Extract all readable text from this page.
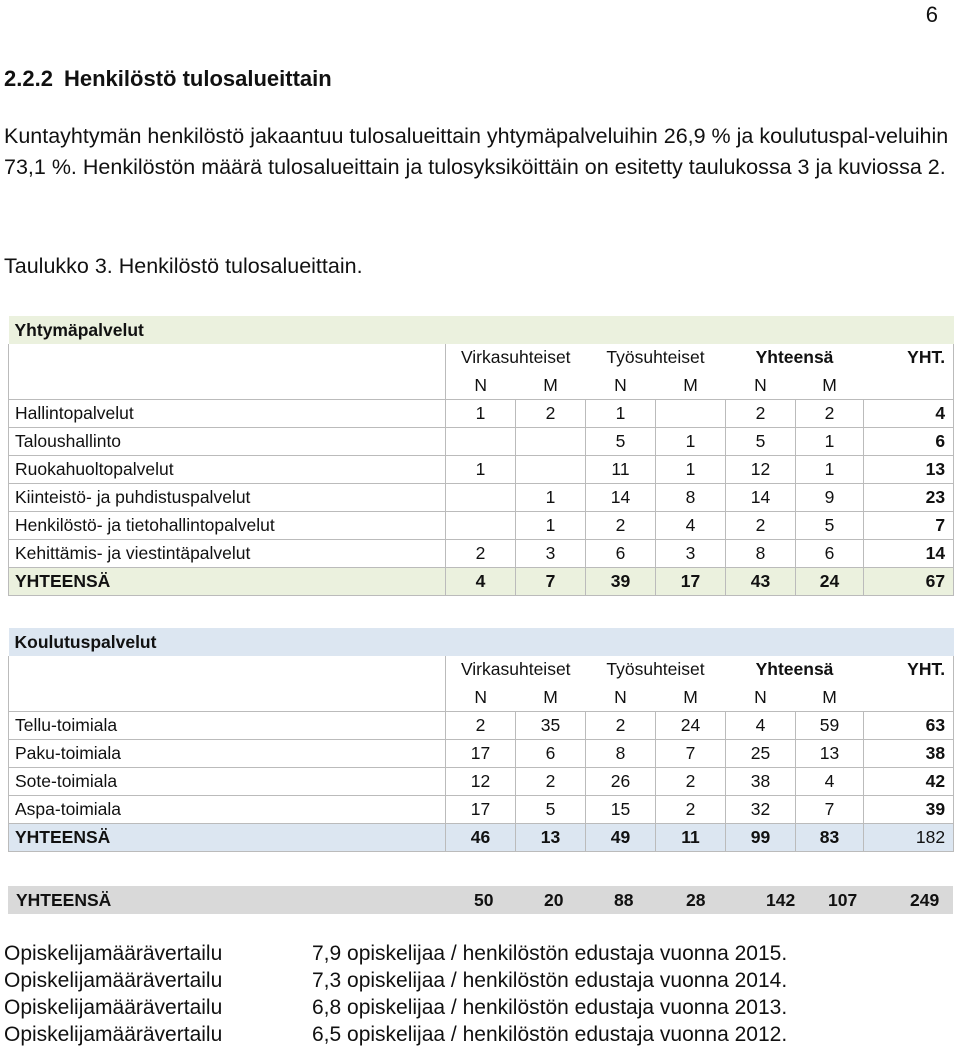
6
2.2.2 Henkilöstö tulosalueittain
Kuntayhtymän henkilöstö jakaantuu tulosalueittain yhtymäpalveluihin 26,9 % ja koulutuspal-veluihin 73,1 %. Henkilöstön määrä tulosalueittain ja tulosyksiköittäin on esitetty taulukossa 3 ja kuviossa 2.
Taulukko 3. Henkilöstö tulosalueittain.
Yhtymäpalvelut							
	Virkasuhteiset		Työsuhteiset		Yhteensä		YHT.
	N	M	N	M	N	M	
Hallintopalvelut	1	2	1		2	2	4
Taloushallinto			5	1	5	1	6
Ruokahuoltopalvelut	1		11	1	12	1	13
Kiinteistö- ja puhdistuspalvelut		1	14	8	14	9	23
Henkilöstö- ja tietohallintopalvelut		1	2	4	2	5	7
Kehittämis- ja viestintäpalvelut	2	3	6	3	8	6	14
YHTEENSÄ	4	7	39	17	43	24	67
Koulutuspalvelut							
	Virkasuhteiset		Työsuhteiset		Yhteensä		YHT.
	N	M	N	M	N	M	
Tellu-toimiala	2	35	2	24	4	59	63
Paku-toimiala	17	6	8	7	25	13	38
Sote-toimiala	12	2	26	2	38	4	42
Aspa-toimiala	17	5	15	2	32	7	39
YHTEENSÄ	46	13	49	11	99	83	182
YHTEENSÄ	50	20	88	28	142 107	249
Opiskelijamäärävertailu	7,9 opiskelijaa / henkilöstön edustaja vuonna 2015.
Opiskelijamäärävertailu	7,3 opiskelijaa / henkilöstön edustaja vuonna 2014.
Opiskelijamäärävertailu	6,8 opiskelijaa / henkilöstön edustaja vuonna 2013.
Opiskelijamäärävertailu	6,5 opiskelijaa / henkilöstön edustaja vuonna 2012.
